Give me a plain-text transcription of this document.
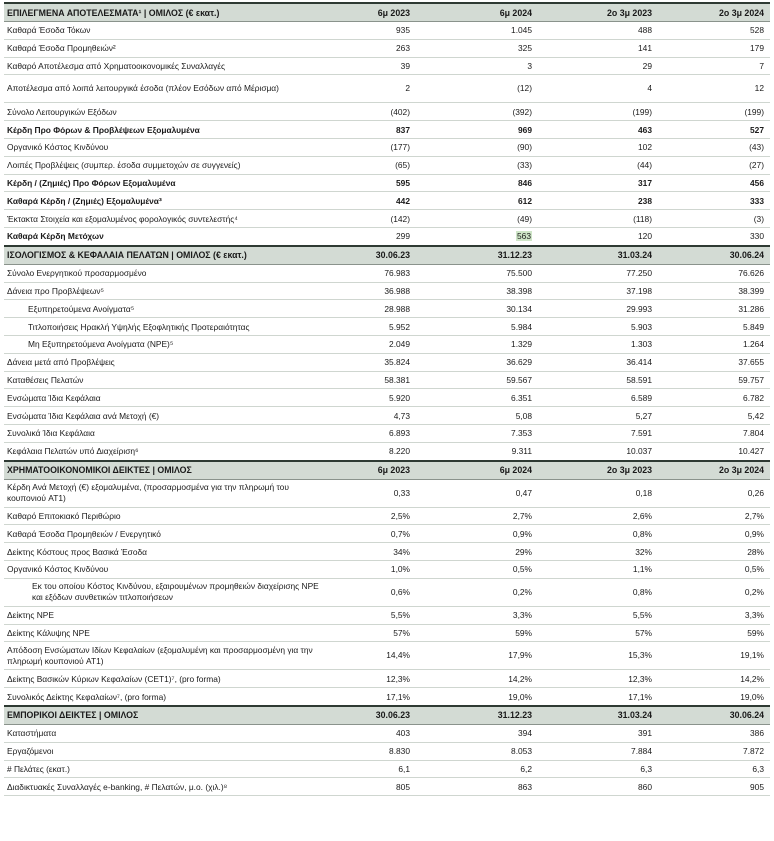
ΕΠΙΛΕΓΜΕΝΑ ΑΠΟΤΕΛΕΣΜΑΤΑ¹ | ΟΜΙΛΟΣ (€ εκατ.)	6μ 2023	6μ 2024	2ο 3μ 2023	2ο 3μ 2024
Καθαρά Έσοδα Τόκων	935	1.045	488	528
Καθαρά Έσοδα Προμηθειών²	263	325	141	179
Καθαρό Αποτέλεσμα από Χρηματοοικονομικές Συναλλαγές	39	3	29	7
Αποτέλεσμα από λοιπά λειτουργικά έσοδα (πλέον Εσόδων από Μέρισμα)	2	(12)	4	12
Σύνολο Λειτουργικών Εξόδων	(402)	(392)	(199)	(199)
Κέρδη Προ Φόρων & Προβλέψεων Εξομαλυμένα	837	969	463	527
Οργανικό Κόστος Κινδύνου	(177)	(90)	102	(43)
Λοιπές Προβλέψεις (συμπερ. έσοδα συμμετοχών σε συγγενείς)	(65)	(33)	(44)	(27)
Κέρδη / (Ζημιές) Προ Φόρων Εξομαλυμένα	595	846	317	456
Καθαρά Κέρδη / (Ζημιές) Εξομαλυμένα³	442	612	238	333
Έκτακτα Στοιχεία και εξομαλυμένος φορολογικός συντελεστής⁴	(142)	(49)	(118)	(3)
Καθαρά Κέρδη Μετόχων	299	563	120	330
ΙΣΟΛΟΓΙΣΜΟΣ & ΚΕΦΑΛΑΙΑ ΠΕΛΑΤΩΝ | ΟΜΙΛΟΣ (€ εκατ.)	30.06.23	31.12.23	31.03.24	30.06.24
Σύνολο Ενεργητικού προσαρμοσμένο	76.983	75.500	77.250	76.626
Δάνεια προ Προβλέψεων⁵	36.988	38.398	37.198	38.399
Εξυπηρετούμενα Ανοίγματα⁵	28.988	30.134	29.993	31.286
Τιτλοποιήσεις Ηρακλή Υψηλής Εξοφλητικής Προτεραιότητας	5.952	5.984	5.903	5.849
Μη Εξυπηρετούμενα Ανοίγματα (NPE)⁵	2.049	1.329	1.303	1.264
Δάνεια μετά από Προβλέψεις	35.824	36.629	36.414	37.655
Καταθέσεις Πελατών	58.381	59.567	58.591	59.757
Ενσώματα Ίδια Κεφάλαια	5.920	6.351	6.589	6.782
Ενσώματα Ίδια Κεφάλαια ανά Μετοχή (€)	4,73	5,08	5,27	5,42
Συνολικά Ίδια Κεφάλαια	6.893	7.353	7.591	7.804
Κεφάλαια Πελατών υπό Διαχείριση⁶	8.220	9.311	10.037	10.427
ΧΡΗΜΑΤΟΟΙΚΟΝΟΜΙΚΟΙ ΔΕΙΚΤΕΣ | ΟΜΙΛΟΣ	6μ 2023	6μ 2024	2ο 3μ 2023	2ο 3μ 2024
Κέρδη Ανά Μετοχή (€) εξομαλυμένα, (προσαρμοσμένα για την πληρωμή του κουπονιού AT1)	0,33	0,47	0,18	0,26
Καθαρό Επιτοκιακό Περιθώριο	2,5%	2,7%	2,6%	2,7%
Καθαρά Έσοδα Προμηθειών / Ενεργητικό	0,7%	0,9%	0,8%	0,9%
Δείκτης Κόστους προς Βασικά Έσοδα	34%	29%	32%	28%
Οργανικό Κόστος Κινδύνου	1,0%	0,5%	1,1%	0,5%
Εκ του οποίου Κόστος Κινδύνου, εξαιρουμένων προμηθειών διαχείρισης NPE και εξόδων συνθετικών τιτλοποιήσεων	0,6%	0,2%	0,8%	0,2%
Δείκτης NPE	5,5%	3,3%	5,5%	3,3%
Δείκτης Κάλυψης NPE	57%	59%	57%	59%
Απόδοση Ενσώματων Ιδίων Κεφαλαίων (εξομαλυμένη και προσαρμοσμένη για την πληρωμή κουπονιού AT1)	14,4%	17,9%	15,3%	19,1%
Δείκτης Βασικών Κύριων Κεφαλαίων (CET1)⁷, (pro forma)	12,3%	14,2%	12,3%	14,2%
Συνολικός Δείκτης Κεφαλαίων⁷, (pro forma)	17,1%	19,0%	17,1%	19,0%
ΕΜΠΟΡΙΚΟΙ ΔΕΙΚΤΕΣ | ΟΜΙΛΟΣ	30.06.23	31.12.23	31.03.24	30.06.24
Καταστήματα	403	394	391	386
Εργαζόμενοι	8.830	8.053	7.884	7.872
# Πελάτες (εκατ.)	6,1	6,2	6,3	6,3
Διαδικτυακές Συναλλαγές e-banking, # Πελατών, μ.ο. (χιλ.)⁸	805	863	860	905
